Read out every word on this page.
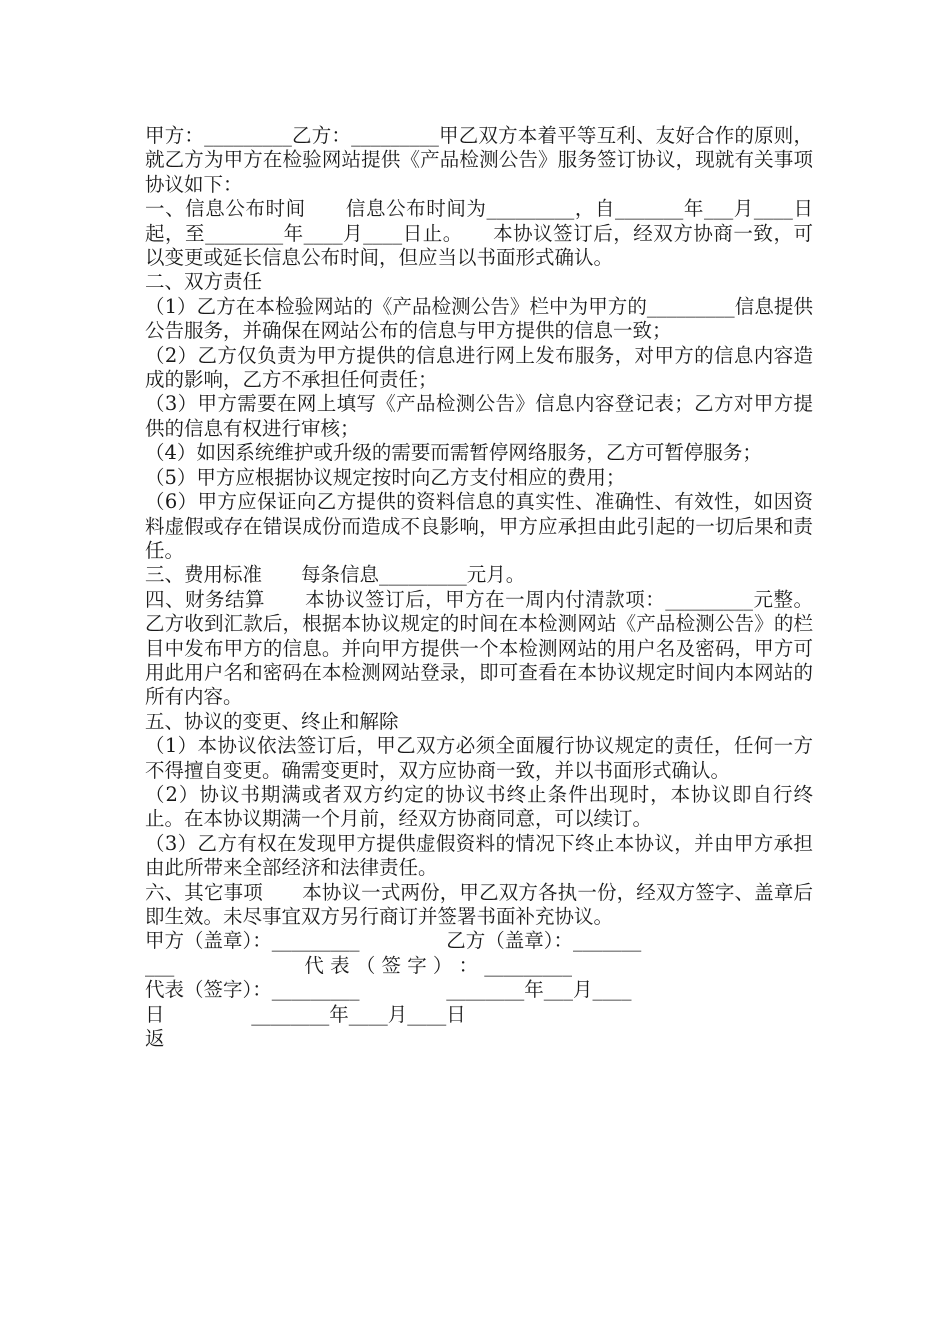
甲方：_________乙方：_________甲乙双方本着平等互利、友好合作的原则，就乙方为甲方在检验网站提供《产品检测公告》服务签订协议，现就有关事项协议如下：

一、信息公布时间　　信息公布时间为_________，自_______年___月____日起，至________年____月____日止。　　本协议签订后，经双方协商一致，可以变更或延长信息公布时间，但应当以书面形式确认。

二、双方责任

（1）乙方在本检验网站的《产品检测公告》栏中为甲方的_________信息提供公告服务，并确保在网站公布的信息与甲方提供的信息一致；

（2）乙方仅负责为甲方提供的信息进行网上发布服务，对甲方的信息内容造成的影响，乙方不承担任何责任；

（3）甲方需要在网上填写《产品检测公告》信息内容登记表；乙方对甲方提供的信息有权进行审核；

（4）如因系统维护或升级的需要而需暂停网络服务，乙方可暂停服务；

（5）甲方应根据协议规定按时向乙方支付相应的费用；

（6）甲方应保证向乙方提供的资料信息的真实性、准确性、有效性，如因资料虚假或存在错误成份而造成不良影响，甲方应承担由此引起的一切后果和责任。

三、费用标准　　每条信息_________元月。

四、财务结算　　本协议签订后，甲方在一周内付清款项：_________元整。乙方收到汇款后，根据本协议规定的时间在本检测网站《产品检测公告》的栏目中发布甲方的信息。并向甲方提供一个本检测网站的用户名及密码，甲方可用此用户名和密码在本检测网站登录，即可查看在本协议规定时间内本网站的所有内容。

五、协议的变更、终止和解除

（1）本协议依法签订后，甲乙双方必须全面履行协议规定的责任，任何一方不得擅自变更。确需变更时，双方应协商一致，并以书面形式确认。

（2）协议书期满或者双方约定的协议书终止条件出现时，本协议即自行终止。在本协议期满一个月前，经双方协商同意，可以续订。

（3）乙方有权在发现甲方提供虚假资料的情况下终止本协议，并由甲方承担由此所带来全部经济和法律责任。

六、其它事项　　本协议一式两份，甲乙双方各执一份，经双方签字、盖章后即生效。未尽事宜双方另行商订并签署书面补充协议。

甲方（盖章）：_________              乙方（盖章）：_______

___                     代 表 （ 签 字 ） ： _________

代表（签字）：_________              ________年___月____

日              ________年____月____日

返
